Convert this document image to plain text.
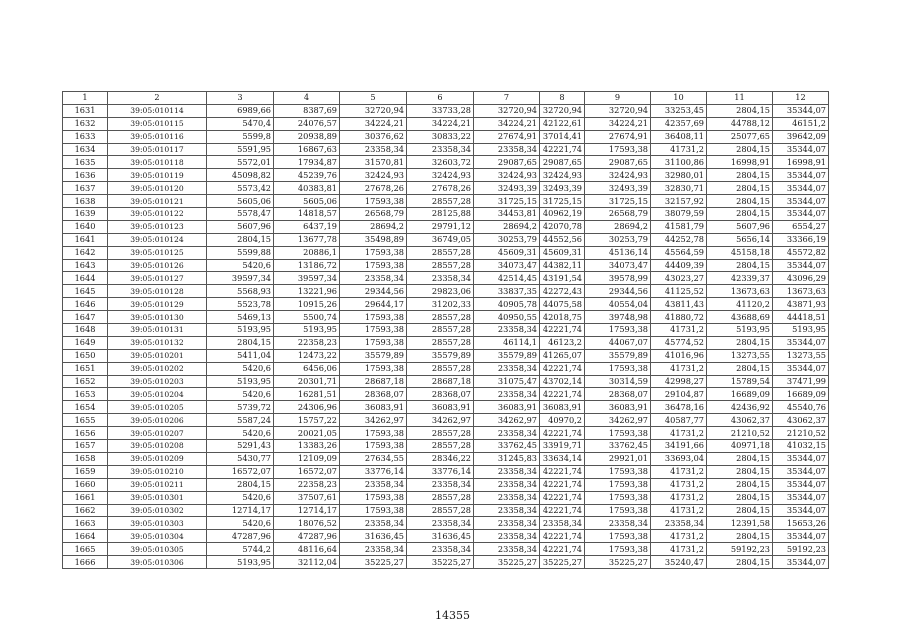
1	2	3	4	5	6	7	8	9	10	11	12
1631	39:05:010114	6989,66	8387,69	32720,94	33733,28	32720,94	32720,94	32720,94	33253,45	2804,15	35344,07
1632	39:05:010115	5470,4	24076,57	34224,21	34224,21	34224,21	42122,61	34224,21	42357,69	44788,12	46151,2
1633	39:05:010116	5599,8	20938,89	30376,62	30833,22	27674,91	37014,41	27674,91	36408,11	25077,65	39642,09
1634	39:05:010117	5591,95	16867,63	23358,34	23358,34	23358,34	42221,74	17593,38	41731,2	2804,15	35344,07
1635	39:05:010118	5572,01	17934,87	31570,81	32603,72	29087,65	29087,65	29087,65	31100,86	16998,91	16998,91
1636	39:05:010119	45098,82	45239,76	32424,93	32424,93	32424,93	32424,93	32424,93	32980,01	2804,15	35344,07
1637	39:05:010120	5573,42	40383,81	27678,26	27678,26	32493,39	32493,39	32493,39	32830,71	2804,15	35344,07
1638	39:05:010121	5605,06	5605,06	17593,38	28557,28	31725,15	31725,15	31725,15	32157,92	2804,15	35344,07
1639	39:05:010122	5578,47	14818,57	26568,79	28125,88	34453,81	40962,19	26568,79	38079,59	2804,15	35344,07
1640	39:05:010123	5607,96	6437,19	28694,2	29791,12	28694,2	42070,78	28694,2	41581,79	5607,96	6554,27
1641	39:05:010124	2804,15	13677,78	35498,89	36749,05	30253,79	44552,56	30253,79	44252,78	5656,14	33366,19
1642	39:05:010125	5599,88	20886,1	17593,38	28557,28	45609,31	45609,31	45136,14	45564,59	45158,18	45572,82
1643	39:05:010126	5420,6	13186,72	17593,38	28557,28	34073,47	44382,11	34073,47	44409,39	2804,15	35344,07
1644	39:05:010127	39597,34	39597,34	23358,34	23358,34	42514,45	43191,54	39578,99	43023,27	42339,37	43096,29
1645	39:05:010128	5568,93	13221,96	29344,56	29823,06	33837,35	42272,43	29344,56	41125,52	13673,63	13673,63
1646	39:05:010129	5523,78	10915,26	29644,17	31202,33	40905,78	44075,58	40554,04	43811,43	41120,2	43871,93
1647	39:05:010130	5469,13	5500,74	17593,38	28557,28	40950,55	42018,75	39748,98	41880,72	43688,69	44418,51
1648	39:05:010131	5193,95	5193,95	17593,38	28557,28	23358,34	42221,74	17593,38	41731,2	5193,95	5193,95
1649	39:05:010132	2804,15	22358,23	17593,38	28557,28	46114,1	46123,2	44067,07	45774,52	2804,15	35344,07
1650	39:05:010201	5411,04	12473,22	35579,89	35579,89	35579,89	41265,07	35579,89	41016,96	13273,55	13273,55
1651	39:05:010202	5420,6	6456,06	17593,38	28557,28	23358,34	42221,74	17593,38	41731,2	2804,15	35344,07
1652	39:05:010203	5193,95	20301,71	28687,18	28687,18	31075,47	43702,14	30314,59	42998,27	15789,54	37471,99
1653	39:05:010204	5420,6	16281,51	28368,07	28368,07	23358,34	42221,74	28368,07	29104,87	16689,09	16689,09
1654	39:05:010205	5739,72	24306,96	36083,91	36083,91	36083,91	36083,91	36083,91	36478,16	42436,92	45540,76
1655	39:05:010206	5587,24	15757,22	34262,97	34262,97	34262,97	40970,2	34262,97	40587,77	43062,37	43062,37
1656	39:05:010207	5420,6	20021,05	17593,38	28557,28	23358,34	42221,74	17593,38	41731,2	21210,52	21210,52
1657	39:05:010208	5291,43	13383,26	17593,38	28557,28	33762,45	33919,71	33762,45	34191,66	40971,18	41032,15
1658	39:05:010209	5430,77	12109,09	27634,55	28346,22	31245,83	33634,14	29921,01	33693,04	2804,15	35344,07
1659	39:05:010210	16572,07	16572,07	33776,14	33776,14	23358,34	42221,74	17593,38	41731,2	2804,15	35344,07
1660	39:05:010211	2804,15	22358,23	23358,34	23358,34	23358,34	42221,74	17593,38	41731,2	2804,15	35344,07
1661	39:05:010301	5420,6	37507,61	17593,38	28557,28	23358,34	42221,74	17593,38	41731,2	2804,15	35344,07
1662	39:05:010302	12714,17	12714,17	17593,38	28557,28	23358,34	42221,74	17593,38	41731,2	2804,15	35344,07
1663	39:05:010303	5420,6	18076,52	23358,34	23358,34	23358,34	23358,34	23358,34	23358,34	12391,58	15653,26
1664	39:05:010304	47287,96	47287,96	31636,45	31636,45	23358,34	42221,74	17593,38	41731,2	2804,15	35344,07
1665	39:05:010305	5744,2	48116,64	23358,34	23358,34	23358,34	42221,74	17593,38	41731,2	59192,23	59192,23
1666	39:05:010306	5193,95	32112,04	35225,27	35225,27	35225,27	35225,27	35225,27	35240,47	2804,15	35344,07
14355
